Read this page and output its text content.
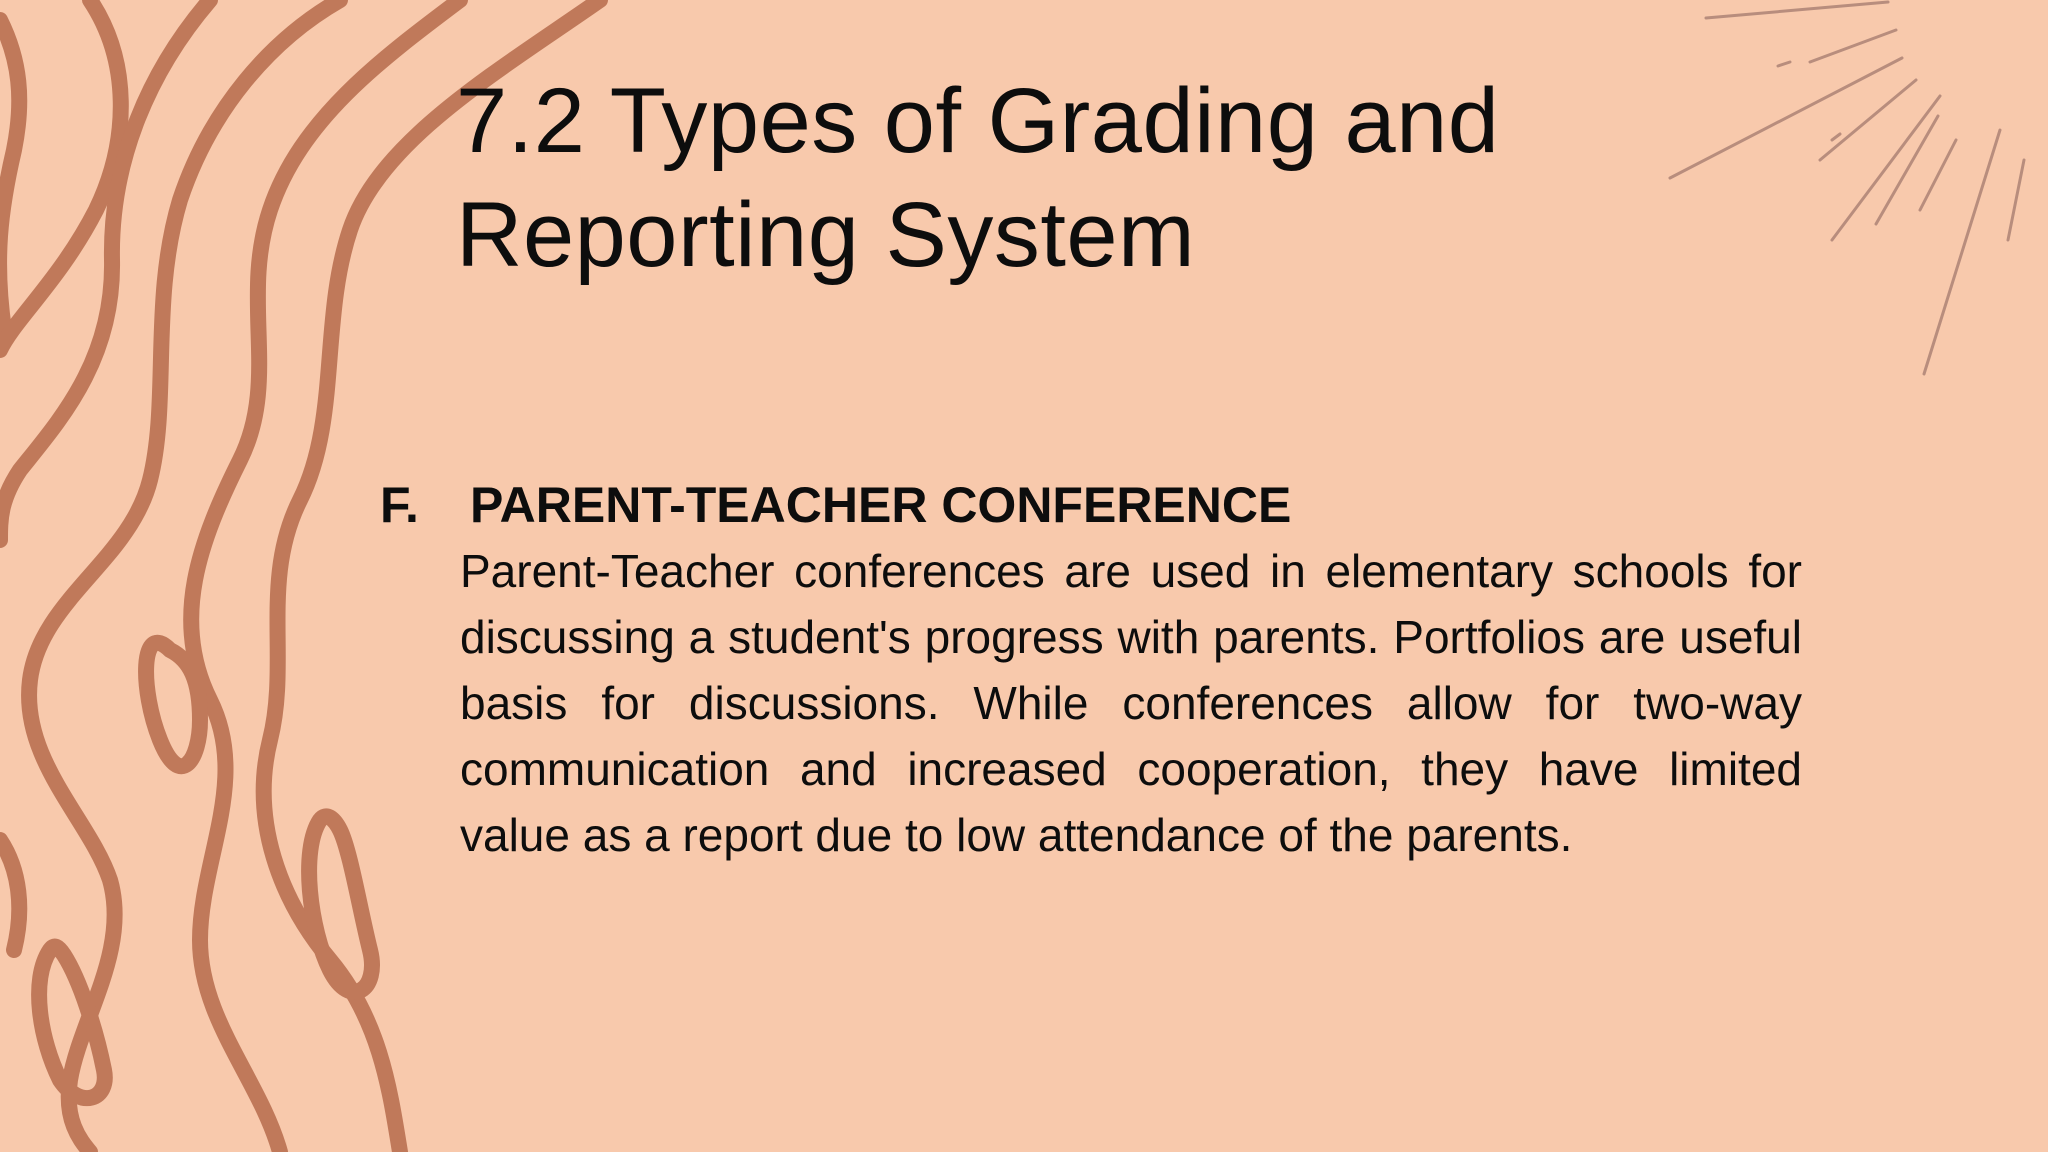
7.2 Types of Grading and
Reporting System
F.	PARENT-TEACHER CONFERENCE

Parent-Teacher conferences are used in elementary schools for discussing a student's progress with parents. Portfolios are useful basis for discussions. While conferences allow for two-way communication and increased cooperation, they have limited value as a report due to low attendance of the parents.
